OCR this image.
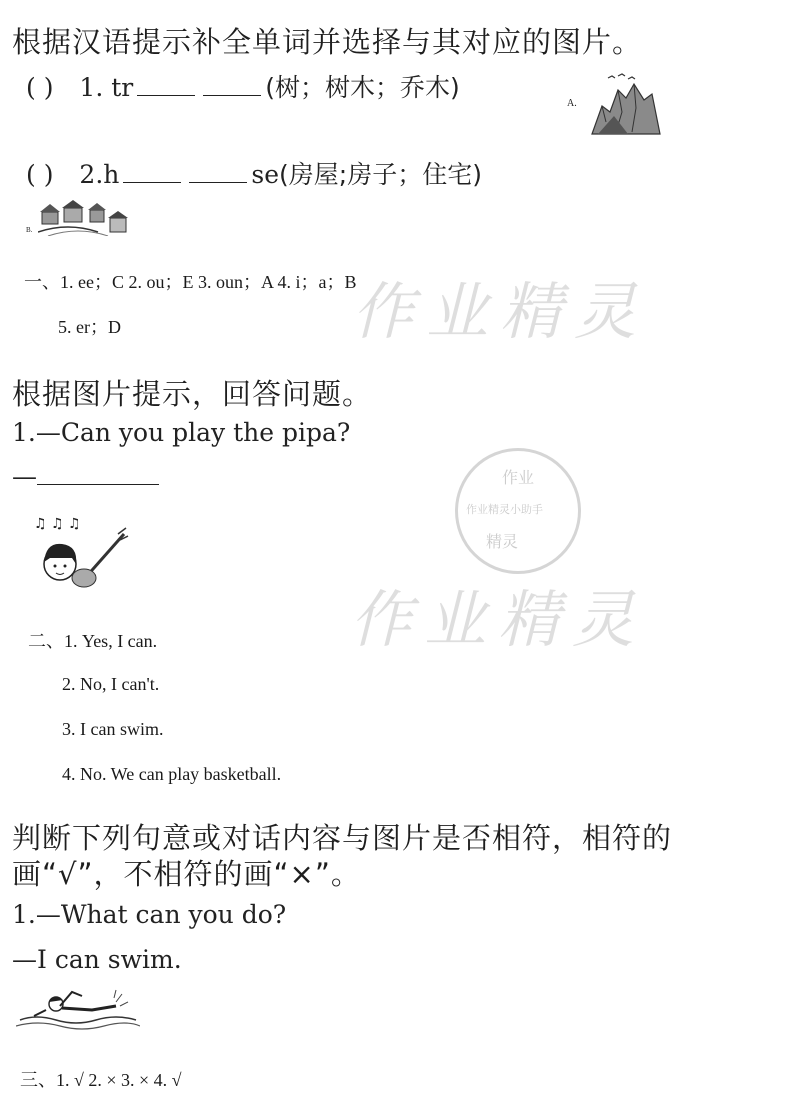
根据汉语提示补全单词并选择与其对应的图片。
( ) 1. tr	(树；树木；乔木)
A.
( ) 2.h	se(房屋;房子；住宅)
B.
一、1. ee；C 2. ou；E 3. oun；A 4. i；a；B
5. er；D	作业精灵
作业
作业精灵小助手
精灵
作业精灵
根据图片提示，回答问题。
1.—Can you play the pipa?
—
♫ ♫ ♫
二、1. Yes, I can.
2. No, I can't.
3. I can swim.
4. No. We can play basketball.
判断下列句意或对话内容与图片是否相符，相符的
画“√”，不相符的画“×”。
1.—What can you do?
—I can swim.
三、1. √ 2. × 3. × 4. √
